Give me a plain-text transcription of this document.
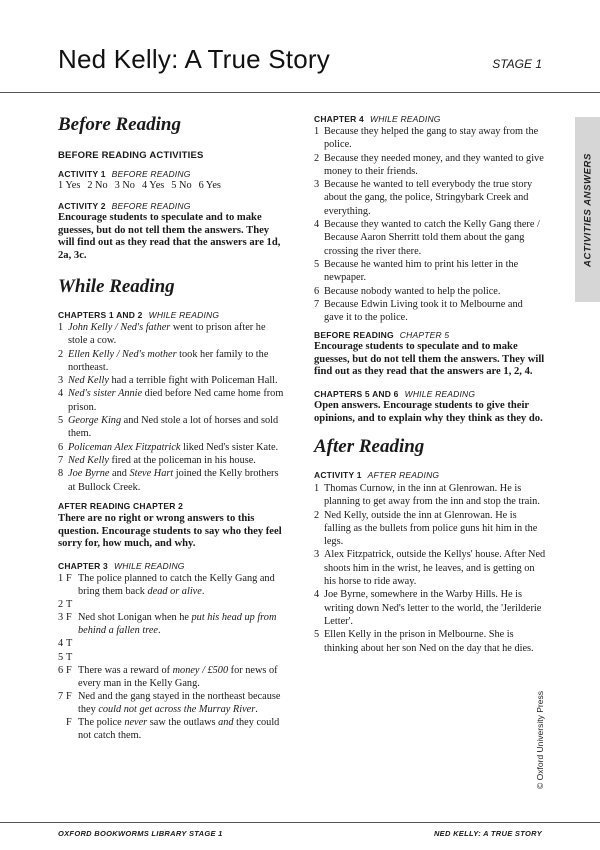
Ned Kelly: A True Story	STAGE 1
Before Reading
BEFORE READING ACTIVITIES
ACTIVITY 1 BEFORE READING
1 Yes 2 No 3 No 4 Yes 5 No 6 Yes
ACTIVITY 2 BEFORE READING
Encourage students to speculate and to make guesses, but do not tell them the answers. They will find out as they read that the answers are 1d, 2a, 3c.
While Reading
CHAPTERS 1 AND 2 WHILE READING
1 John Kelly / Ned's father went to prison after he stole a cow.
2 Ellen Kelly / Ned's mother took her family to the northeast.
3 Ned Kelly had a terrible fight with Policeman Hall.
4 Ned's sister Annie died before Ned came home from prison.
5 George King and Ned stole a lot of horses and sold them.
6 Policeman Alex Fitzpatrick liked Ned's sister Kate.
7 Ned Kelly fired at the policeman in his house.
8 Joe Byrne and Steve Hart joined the Kelly brothers at Bullock Creek.
AFTER READING CHAPTER 2
There are no right or wrong answers to this question. Encourage students to say who they feel sorry for, how much, and why.
CHAPTER 3 WHILE READING
1 F The police planned to catch the Kelly Gang and bring them back dead or alive.
2 T

3 F Ned shot Lonigan when he put his head up from behind a fallen tree.
4 T

5 T

6 F There was a reward of money / £500 for news of every man in the Kelly Gang.
7 F Ned and the gang stayed in the northeast because they could not get across the Murray River.
F The police never saw the outlaws and they could not catch them.
CHAPTER 4 WHILE READING
1 Because they helped the gang to stay away from the police.
2 Because they needed money, and they wanted to give money to their friends.
3 Because he wanted to tell everybody the true story about the gang, the police, Stringybark Creek and everything.
4 Because they wanted to catch the Kelly Gang there / Because Aaron Sherritt told them about the gang crossing the river there.
5 Because he wanted him to print his letter in the newpaper.
6 Because nobody wanted to help the police.
7 Because Edwin Living took it to Melbourne and gave it to the police.
BEFORE READING CHAPTER 5
Encourage students to speculate and to make guesses, but do not tell them the answers. They will find out as they read that the answers are 1, 2, 4.
CHAPTERS 5 AND 6 WHILE READING
Open answers. Encourage students to give their opinions, and to explain why they think as they do.
After Reading
ACTIVITY 1 AFTER READING
1 Thomas Curnow, in the inn at Glenrowan. He is planning to get away from the inn and stop the train.
2 Ned Kelly, outside the inn at Glenrowan. He is falling as the bullets from police guns hit him in the legs.
3 Alex Fitzpatrick, outside the Kellys' house. After Ned shoots him in the wrist, he leaves, and is getting on his horse to ride away.
4 Joe Byrne, somewhere in the Warby Hills. He is writing down Ned's letter to the world, the 'Jerilderie Letter'.
5 Ellen Kelly in the prison in Melbourne. She is thinking about her son Ned on the day that he dies.
ACTIVITIES ANSWERS
© Oxford University Press
OXFORD BOOKWORMS LIBRARY STAGE 1	NED KELLY: A TRUE STORY
